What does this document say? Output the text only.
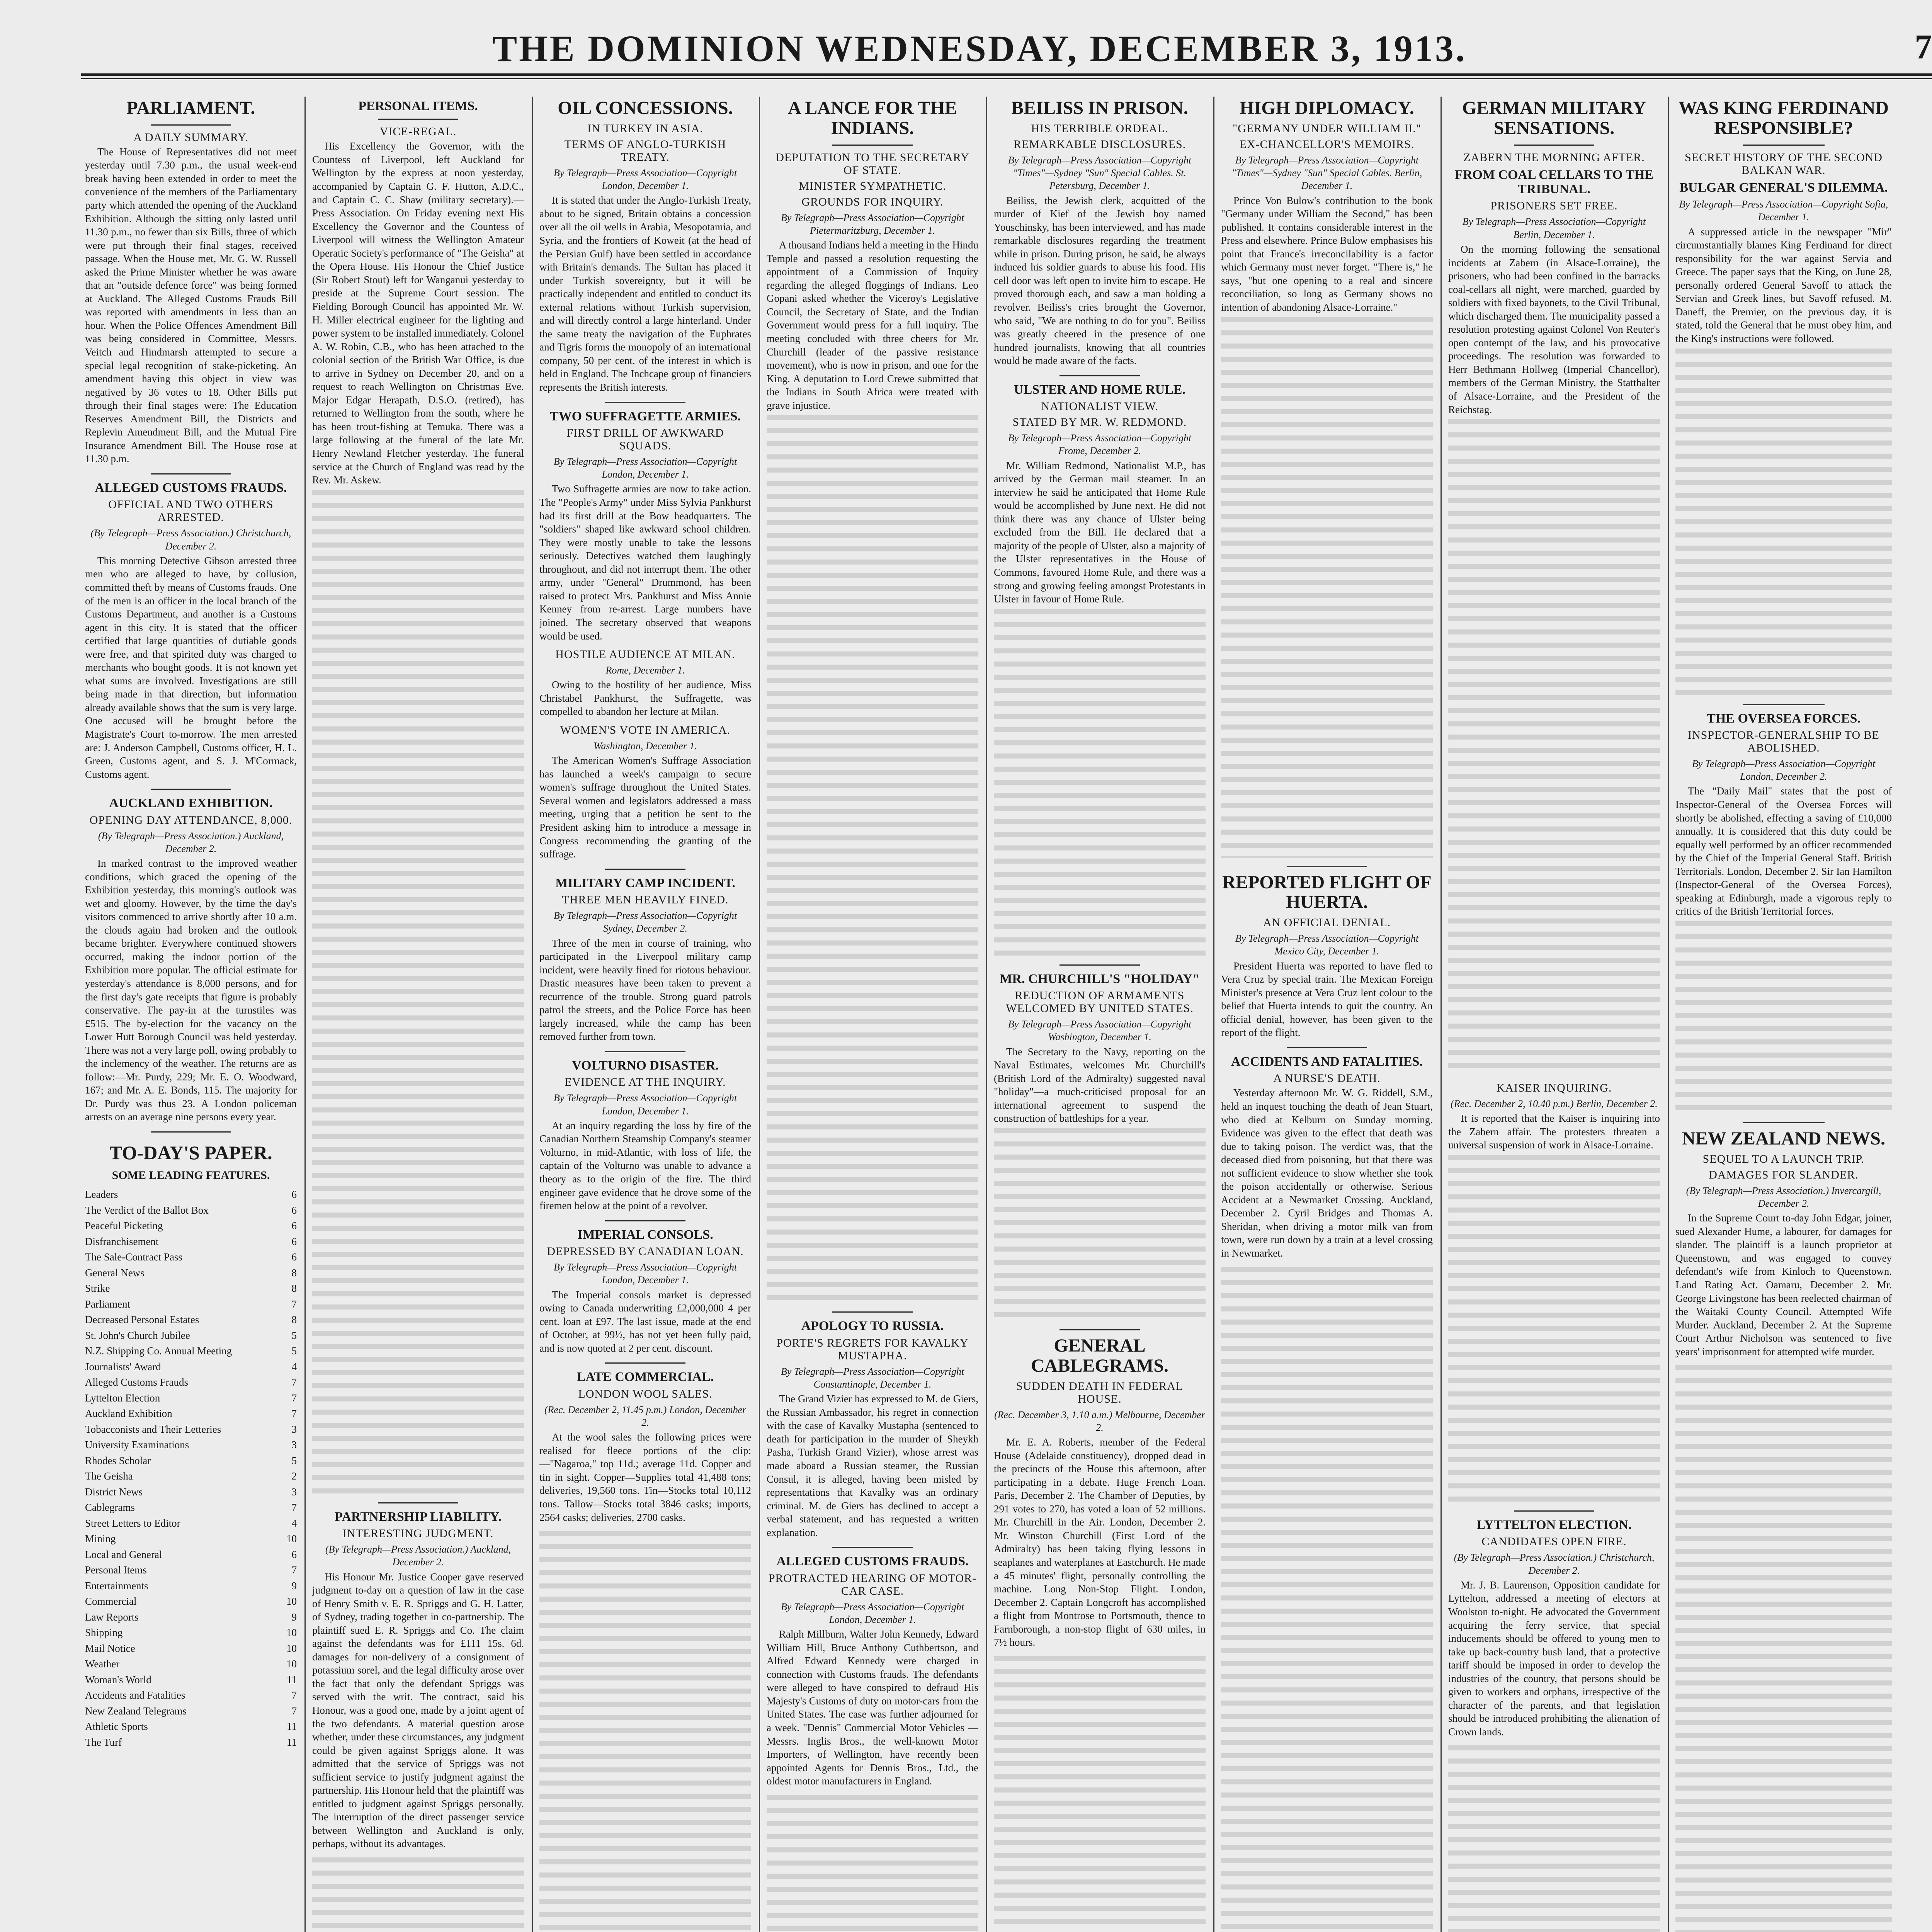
THE DOMINION WEDNESDAY, DECEMBER 3, 1913.	7
PARLIAMENT.
A DAILY SUMMARY.
The House of Representatives did not meet yesterday until 7.30 p.m., the usual week-end break having been extended in order to meet the convenience of the members of the Parliamentary party which attended the opening of the Auckland Exhibition. Although the sitting only lasted until 11.30 p.m., no fewer than six Bills, three of which were put through their final stages, received passage. When the House met, Mr. G. W. Russell asked the Prime Minister whether he was aware that an "outside defence force" was being formed at Auckland. The Alleged Customs Frauds Bill was reported with amendments in less than an hour. When the Police Offences Amendment Bill was being considered in Committee, Messrs. Veitch and Hindmarsh attempted to secure a special legal recognition of stake-picketing. An amendment having this object in view was negatived by 36 votes to 18. Other Bills put through their final stages were: The Education Reserves Amendment Bill, the Districts and Replevin Amendment Bill, and the Mutual Fire Insurance Amendment Bill. The House rose at 11.30 p.m.
ALLEGED CUSTOMS FRAUDS.
OFFICIAL AND TWO OTHERS ARRESTED.
(By Telegraph—Press Association.) Christchurch, December 2.
This morning Detective Gibson arrested three men who are alleged to have, by collusion, committed theft by means of Customs frauds. One of the men is an officer in the local branch of the Customs Department, and another is a Customs agent in this city. It is stated that the officer certified that large quantities of dutiable goods were free, and that spirited duty was charged to merchants who bought goods. It is not known yet what sums are involved. Investigations are still being made in that direction, but information already available shows that the sum is very large. One accused will be brought before the Magistrate's Court to-morrow. The men arrested are: J. Anderson Campbell, Customs officer, H. L. Green, Customs agent, and S. J. M'Cormack, Customs agent.
AUCKLAND EXHIBITION.
OPENING DAY ATTENDANCE, 8,000.
(By Telegraph—Press Association.) Auckland, December 2.
In marked contrast to the improved weather conditions, which graced the opening of the Exhibition yesterday, this morning's outlook was wet and gloomy. However, by the time the day's visitors commenced to arrive shortly after 10 a.m. the clouds again had broken and the outlook became brighter. Everywhere continued showers occurred, making the indoor portion of the Exhibition more popular. The official estimate for yesterday's attendance is 8,000 persons, and for the first day's gate receipts that figure is probably conservative. The pay-in at the turnstiles was £515. The by-election for the vacancy on the Lower Hutt Borough Council was held yesterday. There was not a very large poll, owing probably to the inclemency of the weather. The returns are as follow:—Mr. Purdy, 229; Mr. E. O. Woodward, 167; and Mr. A. E. Bonds, 115. The majority for Dr. Purdy was thus 23. A London policeman arrests on an average nine persons every year.
TO-DAY'S PAPER.
SOME LEADING FEATURES.
Leaders	6
The Verdict of the Ballot Box	6
Peaceful Picketing	6
Disfranchisement	6
The Sale-Contract Pass	6
General News	8
Strike	8
Parliament	7
Decreased Personal Estates	8
St. John's Church Jubilee	5
N.Z. Shipping Co. Annual Meeting	5
Journalists' Award	4
Alleged Customs Frauds	7
Lyttelton Election	7
Auckland Exhibition	7
Tobacconists and Their Letteries	3
University Examinations	3
Rhodes Scholar	5
The Geisha	2
District News	3
Cablegrams	7
Street Letters to Editor	4
Mining	10
Local and General	6
Personal Items	7
Entertainments	9
Commercial	10
Law Reports	9
Shipping	10
Mail Notice	10
Weather	10
Woman's World	11
Accidents and Fatalities	7
New Zealand Telegrams	7
Athletic Sports	11
The Turf	11
PERSONAL ITEMS.
VICE-REGAL.
His Excellency the Governor, with the Countess of Liverpool, left Auckland for Wellington by the express at noon yesterday, accompanied by Captain G. F. Hutton, A.D.C., and Captain C. C. Shaw (military secretary).—Press Association. On Friday evening next His Excellency the Governor and the Countess of Liverpool will witness the Wellington Amateur Operatic Society's performance of "The Geisha" at the Opera House. His Honour the Chief Justice (Sir Robert Stout) left for Wanganui yesterday to preside at the Supreme Court session. The Fielding Borough Council has appointed Mr. W. H. Miller electrical engineer for the lighting and power system to be installed immediately. Colonel A. W. Robin, C.B., who has been attached to the colonial section of the British War Office, is due to arrive in Sydney on December 20, and on a request to reach Wellington on Christmas Eve. Major Edgar Herapath, D.S.O. (retired), has returned to Wellington from the south, where he has been trout-fishing at Temuka. There was a large following at the funeral of the late Mr. Henry Newland Fletcher yesterday. The funeral service at the Church of England was read by the Rev. Mr. Askew.
PARTNERSHIP LIABILITY.
INTERESTING JUDGMENT.
(By Telegraph—Press Association.) Auckland, December 2.
His Honour Mr. Justice Cooper gave reserved judgment to-day on a question of law in the case of Henry Smith v. E. R. Spriggs and G. H. Latter, of Sydney, trading together in co-partnership. The plaintiff sued E. R. Spriggs and Co. The claim against the defendants was for £111 15s. 6d. damages for non-delivery of a consignment of potassium sorel, and the legal difficulty arose over the fact that only the defendant Spriggs was served with the writ. The contract, said his Honour, was a good one, made by a joint agent of the two defendants. A material question arose whether, under these circumstances, any judgment could be given against Spriggs alone. It was admitted that the service of Spriggs was not sufficient service to justify judgment against the partnership. His Honour held that the plaintiff was entitled to judgment against Spriggs personally. The interruption of the direct passenger service between Wellington and Auckland is only, perhaps, without its advantages.
OIL CONCESSIONS.
IN TURKEY IN ASIA.
TERMS OF ANGLO-TURKISH TREATY.
By Telegraph—Press Association—Copyright London, December 1.
It is stated that under the Anglo-Turkish Treaty, about to be signed, Britain obtains a concession over all the oil wells in Arabia, Mesopotamia, and Syria, and the frontiers of Koweit (at the head of the Persian Gulf) have been settled in accordance with Britain's demands. The Sultan has placed it under Turkish sovereignty, but it will be practically independent and entitled to conduct its external relations without Turkish supervision, and will directly control a large hinterland. Under the same treaty the navigation of the Euphrates and Tigris forms the monopoly of an international company, 50 per cent. of the interest in which is held in England. The Inchcape group of financiers represents the British interests.
TWO SUFFRAGETTE ARMIES.
FIRST DRILL OF AWKWARD SQUADS.
By Telegraph—Press Association—Copyright London, December 1.
Two Suffragette armies are now to take action. The "People's Army" under Miss Sylvia Pankhurst had its first drill at the Bow headquarters. The "soldiers" shaped like awkward school children. They were mostly unable to take the lessons seriously. Detectives watched them laughingly throughout, and did not interrupt them. The other army, under "General" Drummond, has been raised to protect Mrs. Pankhurst and Miss Annie Kenney from re-arrest. Large numbers have joined. The secretary observed that weapons would be used.
HOSTILE AUDIENCE AT MILAN.
Rome, December 1.
Owing to the hostility of her audience, Miss Christabel Pankhurst, the Suffragette, was compelled to abandon her lecture at Milan.
WOMEN'S VOTE IN AMERICA.
Washington, December 1.
The American Women's Suffrage Association has launched a week's campaign to secure women's suffrage throughout the United States. Several women and legislators addressed a mass meeting, urging that a petition be sent to the President asking him to introduce a message in Congress recommending the granting of the suffrage.
MILITARY CAMP INCIDENT.
THREE MEN HEAVILY FINED.
By Telegraph—Press Association—Copyright Sydney, December 2.
Three of the men in course of training, who participated in the Liverpool military camp incident, were heavily fined for riotous behaviour. Drastic measures have been taken to prevent a recurrence of the trouble. Strong guard patrols patrol the streets, and the Police Force has been largely increased, while the camp has been removed further from town.
VOLTURNO DISASTER.
EVIDENCE AT THE INQUIRY.
By Telegraph—Press Association—Copyright London, December 1.
At an inquiry regarding the loss by fire of the Canadian Northern Steamship Company's steamer Volturno, in mid-Atlantic, with loss of life, the captain of the Volturno was unable to advance a theory as to the origin of the fire. The third engineer gave evidence that he drove some of the firemen below at the point of a revolver.
IMPERIAL CONSOLS.
DEPRESSED BY CANADIAN LOAN.
By Telegraph—Press Association—Copyright London, December 1.
The Imperial consols market is depressed owing to Canada underwriting £2,000,000 4 per cent. loan at £97. The last issue, made at the end of October, at 99½, has not yet been fully paid, and is now quoted at 2 per cent. discount.
LATE COMMERCIAL.
LONDON WOOL SALES.
(Rec. December 2, 11.45 p.m.) London, December 2.
At the wool sales the following prices were realised for fleece portions of the clip:—"Nagaroa," top 11d.; average 11d. Copper and tin in sight. Copper—Supplies total 41,488 tons; deliveries, 19,560 tons. Tin—Stocks total 10,112 tons. Tallow—Stocks total 3846 casks; imports, 2564 casks; deliveries, 2700 casks.
A LANCE FOR THE INDIANS.
DEPUTATION TO THE SECRETARY OF STATE.
MINISTER SYMPATHETIC.
GROUNDS FOR INQUIRY.
By Telegraph—Press Association—Copyright Pietermaritzburg, December 1.
A thousand Indians held a meeting in the Hindu Temple and passed a resolution requesting the appointment of a Commission of Inquiry regarding the alleged floggings of Indians. Leo Gopani asked whether the Viceroy's Legislative Council, the Secretary of State, and the Indian Government would press for a full inquiry. The meeting concluded with three cheers for Mr. Churchill (leader of the passive resistance movement), who is now in prison, and one for the King. A deputation to Lord Crewe submitted that the Indians in South Africa were treated with grave injustice.
APOLOGY TO RUSSIA.
PORTE'S REGRETS FOR KAVALKY MUSTAPHA.
By Telegraph—Press Association—Copyright Constantinople, December 1.
The Grand Vizier has expressed to M. de Giers, the Russian Ambassador, his regret in connection with the case of Kavalky Mustapha (sentenced to death for participation in the murder of Sheykh Pasha, Turkish Grand Vizier), whose arrest was made aboard a Russian steamer, the Russian Consul, it is alleged, having been misled by representations that Kavalky was an ordinary criminal. M. de Giers has declined to accept a verbal statement, and has requested a written explanation.
ALLEGED CUSTOMS FRAUDS.
PROTRACTED HEARING OF MOTOR-CAR CASE.
By Telegraph—Press Association—Copyright London, December 1.
Ralph Millburn, Walter John Kennedy, Edward William Hill, Bruce Anthony Cuthbertson, and Alfred Edward Kennedy were charged in connection with Customs frauds. The defendants were alleged to have conspired to defraud His Majesty's Customs of duty on motor-cars from the United States. The case was further adjourned for a week. "Dennis" Commercial Motor Vehicles — Messrs. Inglis Bros., the well-known Motor Importers, of Wellington, have recently been appointed Agents for Dennis Bros., Ltd., the oldest motor manufacturers in England.
BEILISS IN PRISON.
HIS TERRIBLE ORDEAL.
REMARKABLE DISCLOSURES.
By Telegraph—Press Association—Copyright "Times"—Sydney "Sun" Special Cables. St. Petersburg, December 1.
Beiliss, the Jewish clerk, acquitted of the murder of Kief of the Jewish boy named Youschinsky, has been interviewed, and has made remarkable disclosures regarding the treatment while in prison. During prison, he said, he always induced his soldier guards to abuse his food. His cell door was left open to invite him to escape. He proved thorough each, and saw a man holding a revolver. Beiliss's cries brought the Governor, who said, "We are nothing to do for you". Beiliss was greatly cheered in the presence of one hundred journalists, knowing that all countries would be made aware of the facts.
ULSTER AND HOME RULE.
NATIONALIST VIEW.
STATED BY MR. W. REDMOND.
By Telegraph—Press Association—Copyright Frome, December 2.
Mr. William Redmond, Nationalist M.P., has arrived by the German mail steamer. In an interview he said he anticipated that Home Rule would be accomplished by June next. He did not think there was any chance of Ulster being excluded from the Bill. He declared that a majority of the people of Ulster, also a majority of the Ulster representatives in the House of Commons, favoured Home Rule, and there was a strong and growing feeling amongst Protestants in Ulster in favour of Home Rule.
MR. CHURCHILL'S "HOLIDAY"
REDUCTION OF ARMAMENTS WELCOMED BY UNITED STATES.
By Telegraph—Press Association—Copyright Washington, December 1.
The Secretary to the Navy, reporting on the Naval Estimates, welcomes Mr. Churchill's (British Lord of the Admiralty) suggested naval "holiday"—a much-criticised proposal for an international agreement to suspend the construction of battleships for a year.
GENERAL CABLEGRAMS.
SUDDEN DEATH IN FEDERAL HOUSE.
(Rec. December 3, 1.10 a.m.) Melbourne, December 2.
Mr. E. A. Roberts, member of the Federal House (Adelaide constituency), dropped dead in the precincts of the House this afternoon, after participating in a debate. Huge French Loan. Paris, December 2. The Chamber of Deputies, by 291 votes to 270, has voted a loan of 52 millions. Mr. Churchill in the Air. London, December 2. Mr. Winston Churchill (First Lord of the Admiralty) has been taking flying lessons in seaplanes and waterplanes at Eastchurch. He made a 45 minutes' flight, personally controlling the machine. Long Non-Stop Flight. London, December 2. Captain Longcroft has accomplished a flight from Montrose to Portsmouth, thence to Farnborough, a non-stop flight of 630 miles, in 7½ hours.
HIGH DIPLOMACY.
"GERMANY UNDER WILLIAM II."
EX-CHANCELLOR'S MEMOIRS.
By Telegraph—Press Association—Copyright "Times"—Sydney "Sun" Special Cables. Berlin, December 1.
Prince Von Bulow's contribution to the book "Germany under William the Second," has been published. It contains considerable interest in the Press and elsewhere. Prince Bulow emphasises his point that France's irreconcilability is a factor which Germany must never forget. "There is," he says, "but one opening to a real and sincere reconciliation, so long as Germany shows no intention of abandoning Alsace-Lorraine."
REPORTED FLIGHT OF HUERTA.
AN OFFICIAL DENIAL.
By Telegraph—Press Association—Copyright Mexico City, December 1.
President Huerta was reported to have fled to Vera Cruz by special train. The Mexican Foreign Minister's presence at Vera Cruz lent colour to the belief that Huerta intends to quit the country. An official denial, however, has been given to the report of the flight.
ACCIDENTS AND FATALITIES.
A NURSE'S DEATH.
Yesterday afternoon Mr. W. G. Riddell, S.M., held an inquest touching the death of Jean Stuart, who died at Kelburn on Sunday morning. Evidence was given to the effect that death was due to taking poison. The verdict was, that the deceased died from poisoning, but that there was not sufficient evidence to show whether she took the poison accidentally or otherwise. Serious Accident at a Newmarket Crossing. Auckland, December 2. Cyril Bridges and Thomas A. Sheridan, when driving a motor milk van from town, were run down by a train at a level crossing in Newmarket.
GERMAN MILITARY SENSATIONS.
ZABERN THE MORNING AFTER.
FROM COAL CELLARS TO THE TRIBUNAL.
PRISONERS SET FREE.
By Telegraph—Press Association—Copyright Berlin, December 1.
On the morning following the sensational incidents at Zabern (in Alsace-Lorraine), the prisoners, who had been confined in the barracks coal-cellars all night, were marched, guarded by soldiers with fixed bayonets, to the Civil Tribunal, which discharged them. The municipality passed a resolution protesting against Colonel Von Reuter's open contempt of the law, and his provocative proceedings. The resolution was forwarded to Herr Bethmann Hollweg (Imperial Chancellor), members of the German Ministry, the Statthalter of Alsace-Lorraine, and the President of the Reichstag.
KAISER INQUIRING.
(Rec. December 2, 10.40 p.m.) Berlin, December 2.
It is reported that the Kaiser is inquiring into the Zabern affair. The protesters threaten a universal suspension of work in Alsace-Lorraine.
LYTTELTON ELECTION.
CANDIDATES OPEN FIRE.
(By Telegraph—Press Association.) Christchurch, December 2.
Mr. J. B. Laurenson, Opposition candidate for Lyttelton, addressed a meeting of electors at Woolston to-night. He advocated the Government acquiring the ferry service, that special inducements should be offered to young men to take up back-country bush land, that a protective tariff should be imposed in order to develop the industries of the country, that persons should be given to workers and orphans, irrespective of the character of the parents, and that legislation should be introduced prohibiting the alienation of Crown lands.
WAS KING FERDINAND RESPONSIBLE?
SECRET HISTORY OF THE SECOND BALKAN WAR.
BULGAR GENERAL'S DILEMMA.
By Telegraph—Press Association—Copyright Sofia, December 1.
A suppressed article in the newspaper "Mir" circumstantially blames King Ferdinand for direct responsibility for the war against Servia and Greece. The paper says that the King, on June 28, personally ordered General Savoff to attack the Servian and Greek lines, but Savoff refused. M. Daneff, the Premier, on the previous day, it is stated, told the General that he must obey him, and the King's instructions were followed.
THE OVERSEA FORCES.
INSPECTOR-GENERALSHIP TO BE ABOLISHED.
By Telegraph—Press Association—Copyright London, December 2.
The "Daily Mail" states that the post of Inspector-General of the Oversea Forces will shortly be abolished, effecting a saving of £10,000 annually. It is considered that this duty could be equally well performed by an officer recommended by the Chief of the Imperial General Staff. British Territorials. London, December 2. Sir Ian Hamilton (Inspector-General of the Oversea Forces), speaking at Edinburgh, made a vigorous reply to critics of the British Territorial forces.
NEW ZEALAND NEWS.
SEQUEL TO A LAUNCH TRIP.
DAMAGES FOR SLANDER.
(By Telegraph—Press Association.) Invercargill, December 2.
In the Supreme Court to-day John Edgar, joiner, sued Alexander Hume, a labourer, for damages for slander. The plaintiff is a launch proprietor at Queenstown, and was engaged to convey defendant's wife from Kinloch to Queenstown. Land Rating Act. Oamaru, December 2. Mr. George Livingstone has been reelected chairman of the Waitaki County Council. Attempted Wife Murder. Auckland, December 2. At the Supreme Court Arthur Nicholson was sentenced to five years' imprisonment for attempted wife murder.
